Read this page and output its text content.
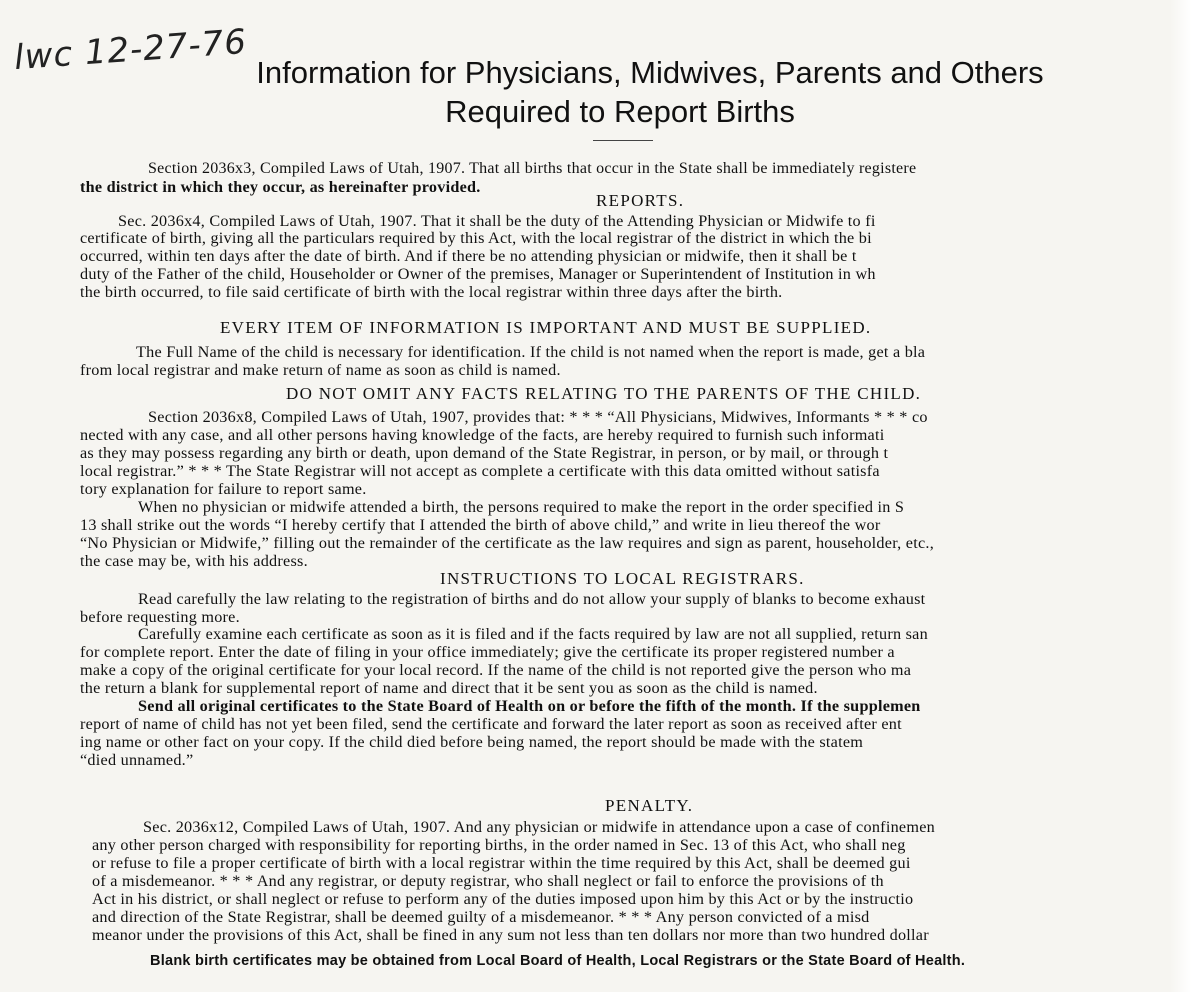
lwc 12-27-76 Information for Physicians, Midwives, Parents and Others
Required to Report Births
Section 2036x3, Compiled Laws of Utah, 1907. That all births that occur in the State shall be immediately registere
the district in which they occur, as hereinafter provided.
REPORTS.
Sec. 2036x4, Compiled Laws of Utah, 1907. That it shall be the duty of the Attending Physician or Midwife to fi
certificate of birth, giving all the particulars required by this Act, with the local registrar of the district in which the bi
occurred, within ten days after the date of birth. And if there be no attending physician or midwife, then it shall be t
duty of the Father of the child, Householder or Owner of the premises, Manager or Superintendent of Institution in wh
the birth occurred, to file said certificate of birth with the local registrar within three days after the birth.
EVERY ITEM OF INFORMATION IS IMPORTANT AND MUST BE SUPPLIED.
The Full Name of the child is necessary for identification. If the child is not named when the report is made, get a bla
from local registrar and make return of name as soon as child is named.
DO NOT OMIT ANY FACTS RELATING TO THE PARENTS OF THE CHILD.
Section 2036x8, Compiled Laws of Utah, 1907, provides that: * * * “All Physicians, Midwives, Informants * * * co
nected with any case, and all other persons having knowledge of the facts, are hereby required to furnish such informati
as they may possess regarding any birth or death, upon demand of the State Registrar, in person, or by mail, or through t
local registrar.” * * * The State Registrar will not accept as complete a certificate with this data omitted without satisfa
tory explanation for failure to report same.
When no physician or midwife attended a birth, the persons required to make the report in the order specified in S
13 shall strike out the words “I hereby certify that I attended the birth of above child,” and write in lieu thereof the wor
“No Physician or Midwife,” filling out the remainder of the certificate as the law requires and sign as parent, householder, etc.,
the case may be, with his address.
INSTRUCTIONS TO LOCAL REGISTRARS.
Read carefully the law relating to the registration of births and do not allow your supply of blanks to become exhaust
before requesting more.
Carefully examine each certificate as soon as it is filed and if the facts required by law are not all supplied, return san
for complete report. Enter the date of filing in your office immediately; give the certificate its proper registered number a
make a copy of the original certificate for your local record. If the name of the child is not reported give the person who ma
the return a blank for supplemental report of name and direct that it be sent you as soon as the child is named.
Send all original certificates to the State Board of Health on or before the fifth of the month. If the supplemen
report of name of child has not yet been filed, send the certificate and forward the later report as soon as received after ent
ing name or other fact on your copy. If the child died before being named, the report should be made with the statem
“died unnamed.”
PENALTY.
Sec. 2036x12, Compiled Laws of Utah, 1907. And any physician or midwife in attendance upon a case of confinemen
any other person charged with responsibility for reporting births, in the order named in Sec. 13 of this Act, who shall neg
or refuse to file a proper certificate of birth with a local registrar within the time required by this Act, shall be deemed gui
of a misdemeanor. * * * And any registrar, or deputy registrar, who shall neglect or fail to enforce the provisions of th
Act in his district, or shall neglect or refuse to perform any of the duties imposed upon him by this Act or by the instructio
and direction of the State Registrar, shall be deemed guilty of a misdemeanor. * * * Any person convicted of a misd
meanor under the provisions of this Act, shall be fined in any sum not less than ten dollars nor more than two hundred dollar
Blank birth certificates may be obtained from Local Board of Health, Local Registrars or the State Board of Health.
